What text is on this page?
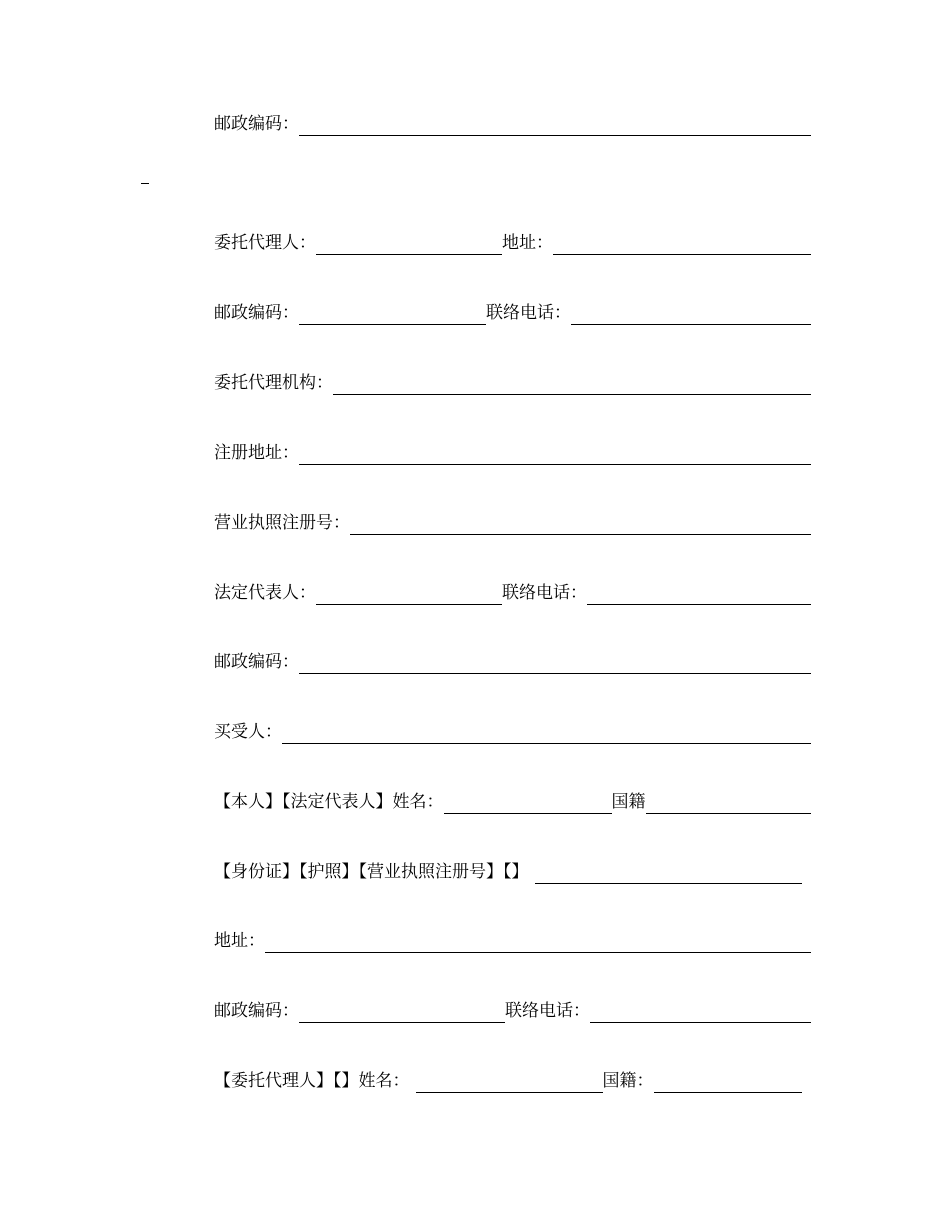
邮政编码：
委托代理人：	地址：
邮政编码：	联络电话：
委托代理机构：
注册地址：
营业执照注册号：
法定代表人：	联络电话：
邮政编码：
买受人：
【本人】【法定代表人】姓名：	国籍
【身份证】【护照】【营业执照注册号】【】
地址：
邮政编码：	联络电话：
【委托代理人】【】姓名：	国籍：
